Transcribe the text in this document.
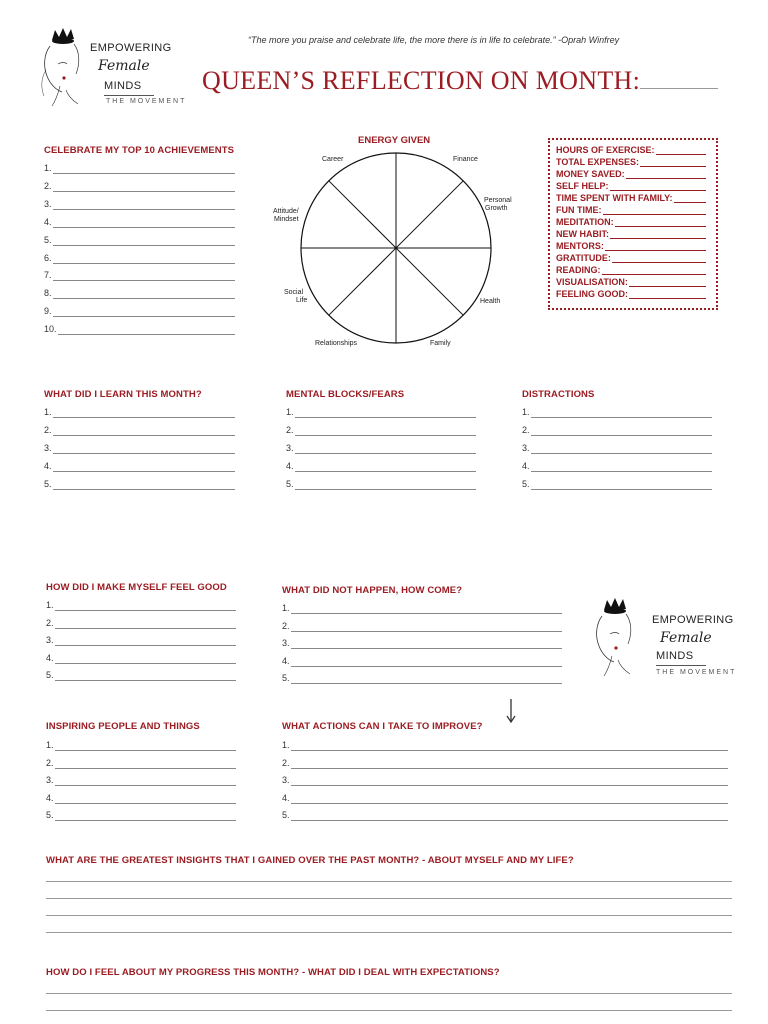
EMPOWERING
Female
MINDS
THE MOVEMENT
“The more you praise and celebrate life, the more there is in life to celebrate.” -Oprah Winfrey
QUEEN’S REFLECTION ON MONTH:
CELEBRATE MY TOP 10 ACHIEVEMENTS
1.
2.
3.
4.
5.
6.
7.
8.
9.
10.
ENERGY GIVEN
Career	Finance
Personal
Growth
Attitude/
Mindset
Social
Life	Health
Relationships	Family
HOURS OF EXERCISE:
TOTAL EXPENSES:
MONEY SAVED:
SELF HELP:
TIME SPENT WITH FAMILY:
FUN TIME:
MEDITATION:
NEW HABIT:
MENTORS:
GRATITUDE:
READING:
VISUALISATION:
FEELING GOOD:
WHAT DID I LEARN THIS MONTH?
1.
2.
3.
4.
5.
MENTAL BLOCKS/FEARS
1.
2.
3.
4.
5.
DISTRACTIONS
1.
2.
3.
4.
5.
HOW DID I MAKE MYSELF FEEL GOOD
1.
2.
3.
4.
5.
WHAT DID NOT HAPPEN, HOW COME?
1.
2.
3.
4.
5.
EMPOWERING
Female
MINDS
THE MOVEMENT
INSPIRING PEOPLE AND THINGS
1.
2.
3.
4.
5.
WHAT ACTIONS CAN I TAKE TO IMPROVE?
1.
2.
3.
4.
5.
WHAT ARE THE GREATEST INSIGHTS THAT I GAINED OVER THE PAST MONTH? - ABOUT MYSELF AND MY LIFE?
HOW DO I FEEL ABOUT MY PROGRESS THIS MONTH? - WHAT DID I DEAL WITH EXPECTATIONS?
